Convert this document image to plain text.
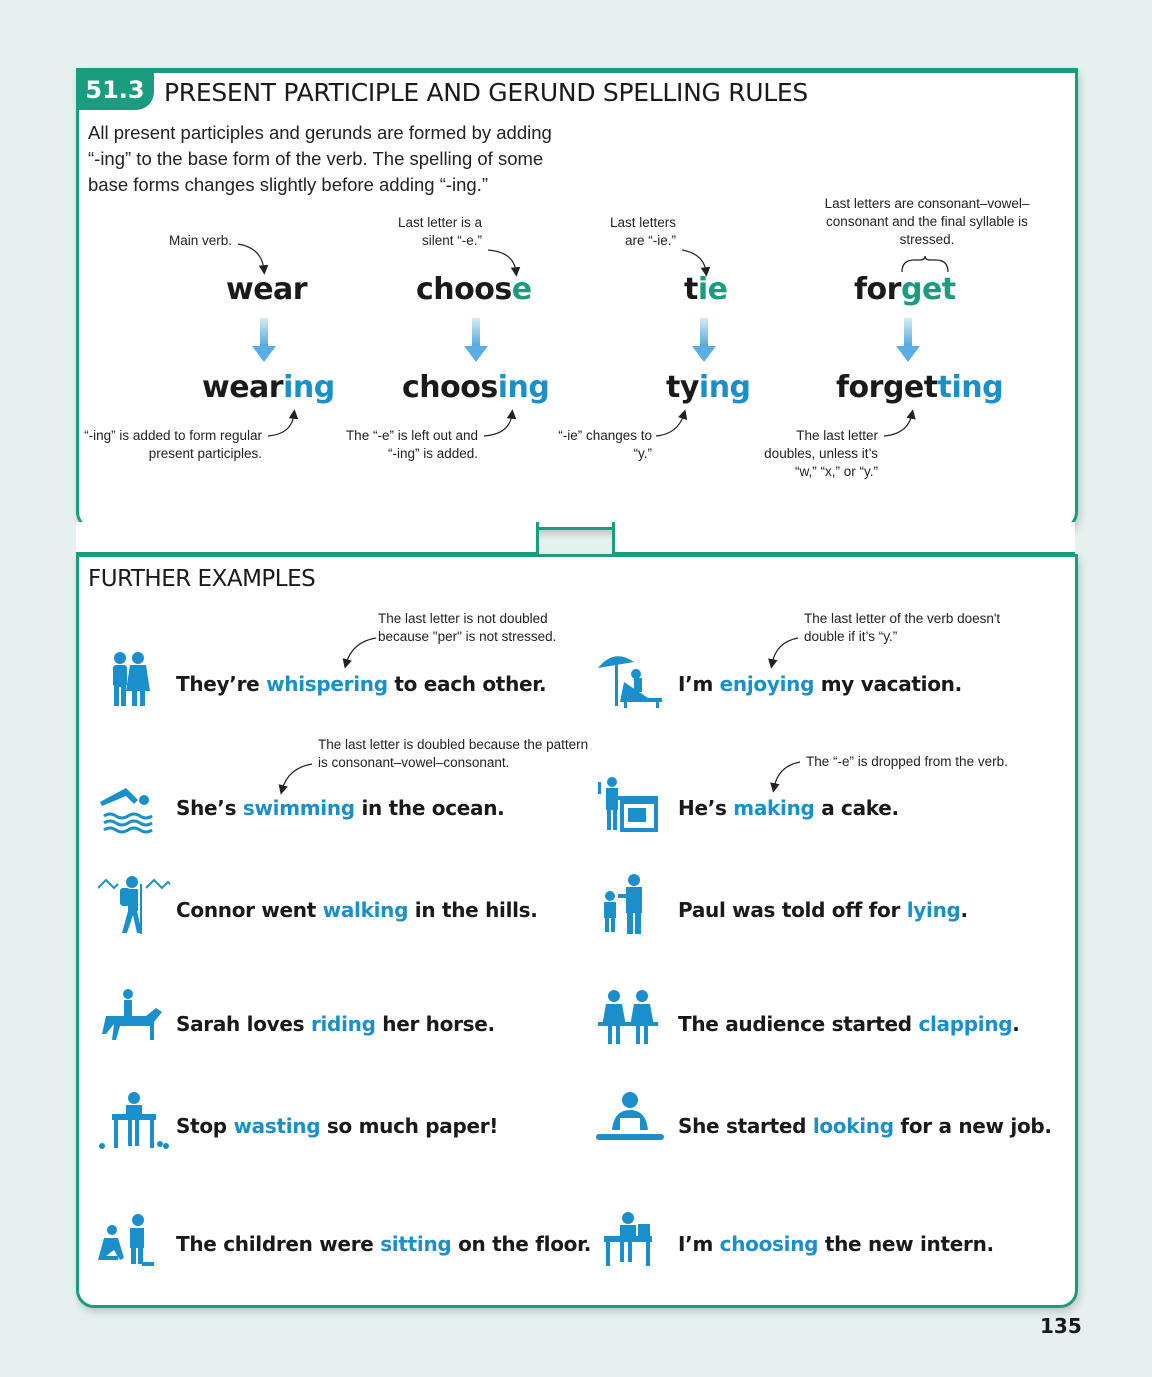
51.3 PRESENT PARTICIPLE AND GERUND SPELLING RULES
All present participles and gerunds are formed by adding “-ing” to the base form of the verb. The spelling of some base forms changes slightly before adding “-ing.”
Main verb.
wear
wearing
“-ing” is added to form regular present participles.
Last letter is a silent “-e.”
choose
choosing
The “-e” is left out and “-ing” is added.
Last letters are “-ie.”
tie
tying
“-ie” changes to “y.”
Last letters are consonant–vowel–consonant and the final syllable is stressed.
forget
forgetting
The last letter doubles, unless it’s “w,” “x,” or “y.”
FURTHER EXAMPLES
The last letter is not doubled because "per" is not stressed.
The last letter of the verb doesn't double if it’s “y.”
The last letter is doubled because the pattern is consonant–vowel–consonant.	The “-e” is dropped from the verb.
They’re whispering to each other.	I’m enjoying my vacation.
She’s swimming in the ocean.	He’s making a cake.
Connor went walking in the hills.	Paul was told off for lying.
Sarah loves riding her horse.	The audience started clapping.
Stop wasting so much paper!	She started looking for a new job.
The children were sitting on the floor.	I’m choosing the new intern.
135
